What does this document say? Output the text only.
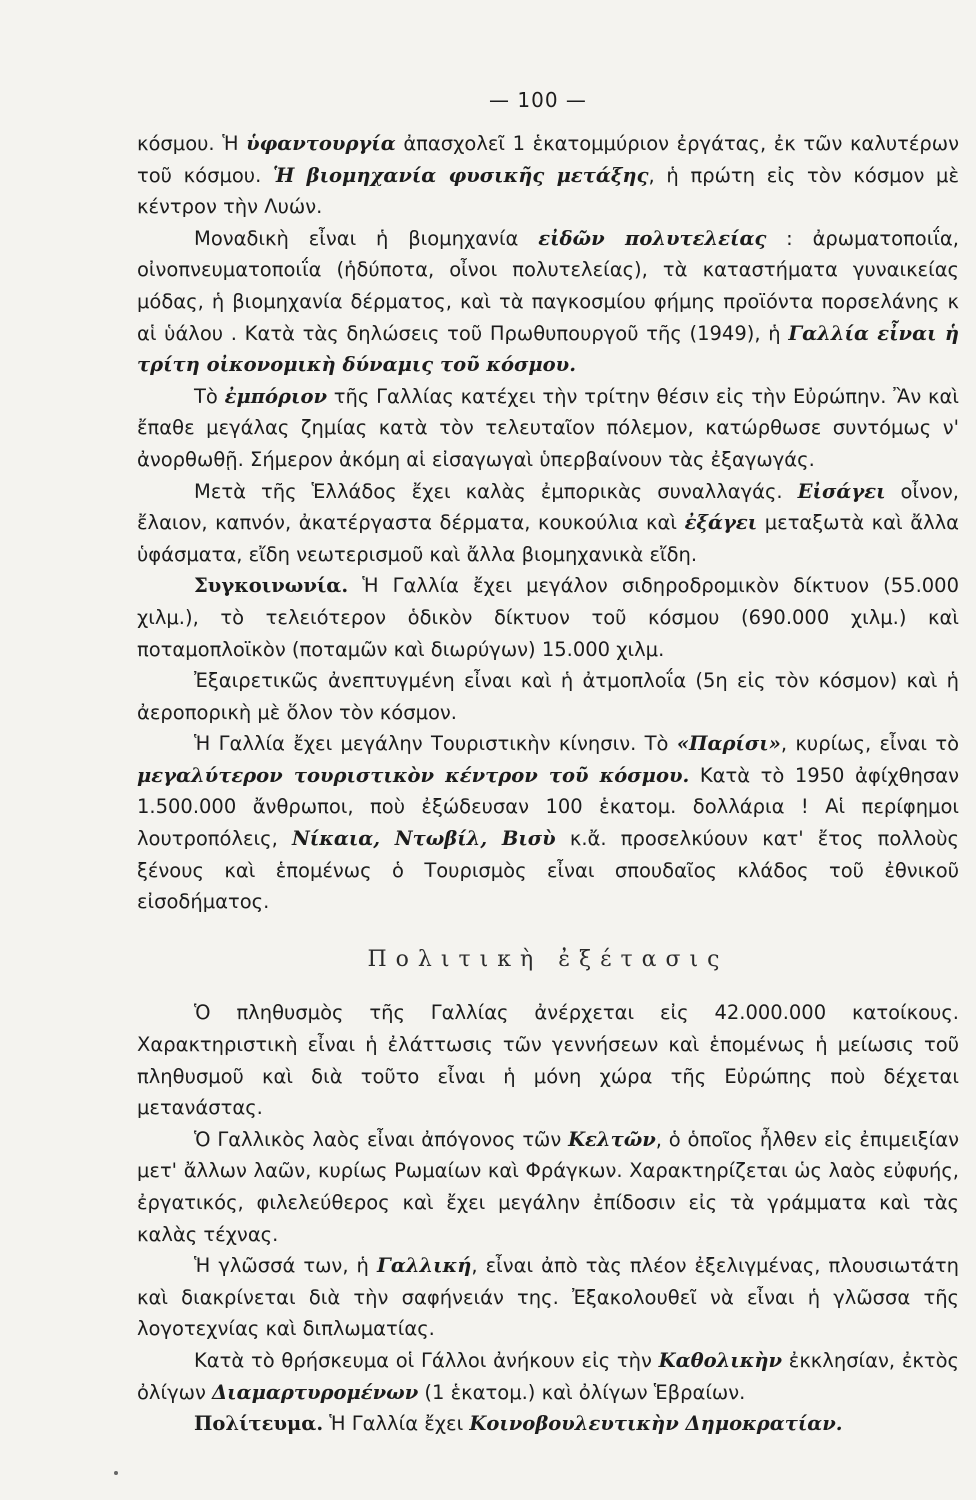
— 100 —

κόσμου. Ἡ ὑφαντουργία ἀπασχολεῖ 1 ἑκατομμύριον ἐργάτας, ἐκ τῶν καλυτέρων τοῦ κόσμου. Ἡ βιομηχανία φυσικῆς μετάξης, ἡ πρώτη εἰς τὸν κόσμον μὲ κέντρον τὴν Λυών.

Μοναδικὴ εἶναι ἡ βιομηχανία εἰδῶν πολυτελείας : ἀρωματοποιΐα, οἰνοπνευματοποιΐα (ἡδύποτα, οἶνοι πολυτελείας), τὰ καταστήματα γυναικείας μόδας, ἡ βιομηχανία δέρματος, καὶ τὰ παγκοσμίου φήμης προϊόντα πορσελάνης κ αἱ ὑάλου . Κατὰ τὰς δηλώσεις τοῦ Πρωθυπουργοῦ τῆς (1949), ἡ Γαλλία εἶναι ἡ τρίτη οἰκονομικὴ δύναμις τοῦ κόσμου.

Τὸ ἐμπόριον τῆς Γαλλίας κατέχει τὴν τρίτην θέσιν εἰς τὴν Εὐρώπην. Ἂν καὶ ἔπαθε μεγάλας ζημίας κατὰ τὸν τελευταῖον πόλεμον, κατώρθωσε συντόμως ν' ἀνορθωθῇ. Σήμερον ἀκόμη αἱ εἰσαγωγαὶ ὑπερβαίνουν τὰς ἐξαγωγάς.

Μετὰ τῆς Ἑλλάδος ἔχει καλὰς ἐμπορικὰς συναλλαγάς. Εἰσάγει οἶνον, ἔλαιον, καπνόν, ἀκατέργαστα δέρματα, κουκούλια καὶ ἐξάγει μεταξωτὰ καὶ ἄλλα ὑφάσματα, εἴδη νεωτερισμοῦ καὶ ἄλλα βιομηχανικὰ εἴδη.

Συγκοινωνία. Ἡ Γαλλία ἔχει μεγάλον σιδηροδρομικὸν δίκτυον (55.000 χιλμ.), τὸ τελειότερον ὁδικὸν δίκτυον τοῦ κόσμου (690.000 χιλμ.) καὶ ποταμοπλοϊκὸν (ποταμῶν καὶ διωρύγων) 15.000 χιλμ.

Ἐξαιρετικῶς ἀνεπτυγμένη εἶναι καὶ ἡ ἀτμοπλοΐα (5η εἰς τὸν κόσμον) καὶ ἡ ἀεροπορικὴ μὲ ὅλον τὸν κόσμον.

Ἡ Γαλλία ἔχει μεγάλην Τουριστικὴν κίνησιν. Τὸ «Παρίσι», κυρίως, εἶναι τὸ μεγαλύτερον τουριστικὸν κέντρον τοῦ κόσμου. Κατὰ τὸ 1950 ἀφίχθησαν 1.500.000 ἄνθρωποι, ποὺ ἐξώδευσαν 100 ἑκατομ. δολλάρια ! Αἱ περίφημοι λουτροπόλεις, Νίκαια, Ντωβίλ, Βισὺ κ.ἄ. προσελκύουν κατ' ἔτος πολλοὺς ξένους καὶ ἑπομένως ὁ Τουρισμὸς εἶναι σπουδαῖος κλάδος τοῦ ἐθνικοῦ εἰσοδήματος.

Πολιτικὴ ἐξέτασις

Ὁ πληθυσμὸς τῆς Γαλλίας ἀνέρχεται εἰς 42.000.000 κατοίκους. Χαρακτηριστικὴ εἶναι ἡ ἐλάττωσις τῶν γεννήσεων καὶ ἑπομένως ἡ μείωσις τοῦ πληθυσμοῦ καὶ διὰ τοῦτο εἶναι ἡ μόνη χώρα τῆς Εὐρώπης ποὺ δέχεται μετανάστας.

Ὁ Γαλλικὸς λαὸς εἶναι ἀπόγονος τῶν Κελτῶν, ὁ ὁποῖος ἦλθεν εἰς ἐπιμειξίαν μετ' ἄλλων λαῶν, κυρίως Ρωμαίων καὶ Φράγκων. Χαρακτηρίζεται ὡς λαὸς εὐφυής, ἐργατικός, φιλελεύθερος καὶ ἔχει μεγάλην ἐπίδοσιν εἰς τὰ γράμματα καὶ τὰς καλὰς τέχνας.

Ἡ γλῶσσά των, ἡ Γαλλική, εἶναι ἀπὸ τὰς πλέον ἐξελιγμένας, πλουσιωτάτη καὶ διακρίνεται διὰ τὴν σαφήνειάν της. Ἐξακολουθεῖ νὰ εἶναι ἡ γλῶσσα τῆς λογοτεχνίας καὶ διπλωματίας.

Κατὰ τὸ θρήσκευμα οἱ Γάλλοι ἀνήκουν εἰς τὴν Καθολικὴν ἐκκλησίαν, ἐκτὸς ὀλίγων Διαμαρτυρομένων (1 ἑκατομ.) καὶ ὀλίγων Ἑβραίων.

Πολίτευμα. Ἡ Γαλλία ἔχει Κοινοβουλευτικὴν Δημοκρατίαν.
